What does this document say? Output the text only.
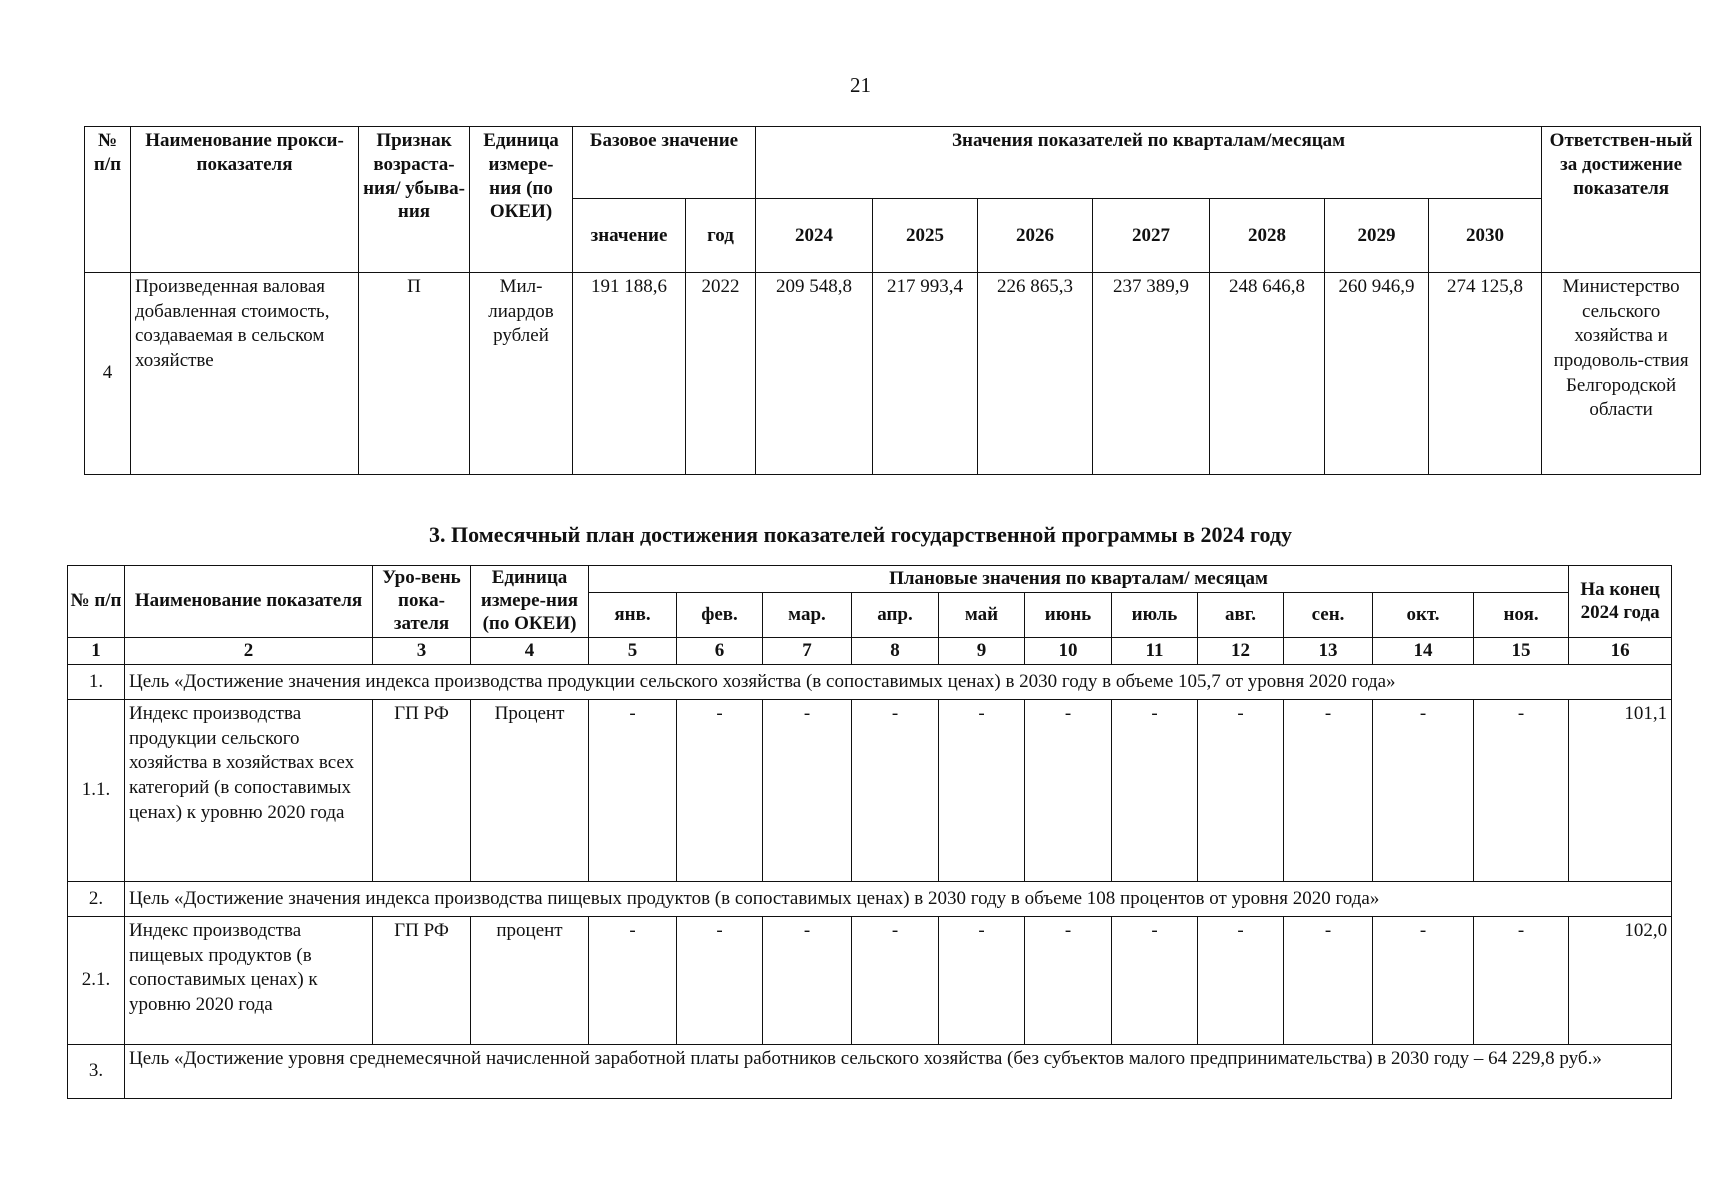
21
№ п/п	Наименование прокси-показателя	Признак возраста-ния/ убыва-ния	Единица измере-ния (по ОКЕИ)	Базовое значение		Значения показателей по кварталам/месяцам							Ответствен-ный за достижение показателя
				значение	год	2024	2025	2026	2027	2028	2029	2030	
4	Произведенная валовая добавленная стоимость, создаваемая в сельском хозяйстве	П	Мил-лиардов рублей	191 188,6	2022	209 548,8	217 993,4	226 865,3	237 389,9	248 646,8	260 946,9	274 125,8	Министерство сельского хозяйства и продоволь-ствия Белгородской области
3. Помесячный план достижения показателей государственной программы в 2024 году
№ п/п	Наименование показателя	Уро-вень пока-зателя	Единица измере-ния (по ОКЕИ)	Плановые значения по кварталам/ месяцам											На конец 2024 года
				янв.	фев.	мар.	апр.	май	июнь	июль	авг.	сен.	окт.	ноя.	
1	2	3	4	5	6	7	8	9	10	11	12	13	14	15	16
1.	Цель «Достижение значения индекса производства продукции сельского хозяйства (в сопоставимых ценах) в 2030 году в объеме 105,7 от уровня 2020 года»														
1.1.	Индекс производства продукции сельского хозяйства в хозяйствах всех категорий (в сопоставимых ценах) к уровню 2020 года	ГП РФ	Процент	-	-	-	-	-	-	-	-	-	-	-	101,1
2.	Цель «Достижение значения индекса производства пищевых продуктов (в сопоставимых ценах) в 2030 году в объеме 108 процентов от уровня 2020 года»														
2.1.	Индекс производства пищевых продуктов (в сопоставимых ценах) к уровню 2020 года	ГП РФ	процент	-	-	-	-	-	-	-	-	-	-	-	102,0
3.	Цель «Достижение уровня среднемесячной начисленной заработной платы работников сельского хозяйства (без субъектов малого предпринимательства) в 2030 году – 64 229,8 руб.»														
